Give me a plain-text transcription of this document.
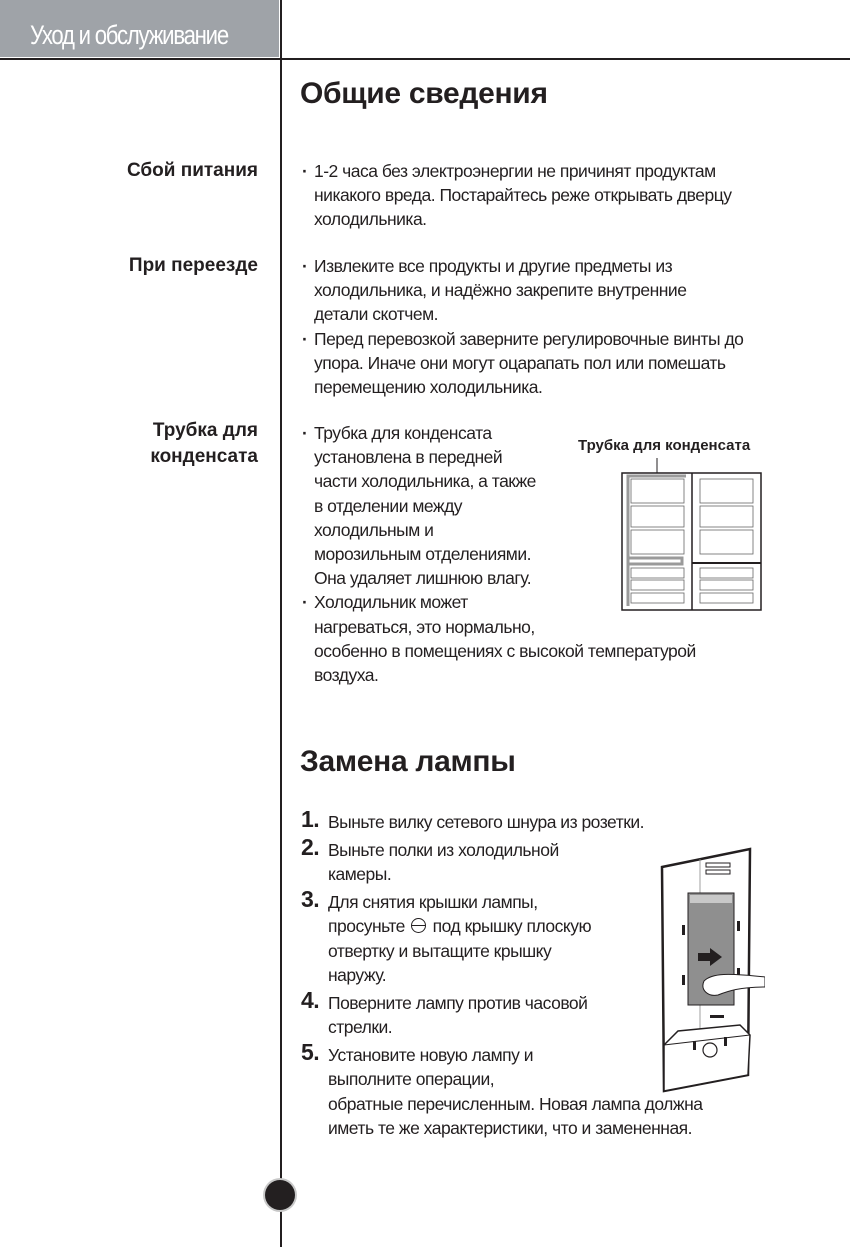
Уход и обслуживание
Общие сведения
Сбой питания	· 1-2 часа без электроэнергии не причинят продуктам никакого вреда. Постарайтесь реже открывать дверцу холодильника.
При переезде	· Извлеките все продукты и другие предметы из холодильника, и надёжно закрепите внутренние детали скотчем.
· Перед перевозкой заверните регулировочные винты до упора. Иначе они могут оцарапать пол или помешать перемещению холодильника.
Трубка для
конденсата
· Трубка для конденсата
установлена в передней
части холодильника, а также
в отделении между
холодильным и
морозильным отделениями.
Она удаляет лишнюю влагу.
· Холодильник может
нагреваться, это нормально,
особенно в помещениях с высокой температурой
воздуха.
Трубка для конденсата
Замена лампы
1. Выньте вилку сетевого шнура из розетки.
2. Выньте полки из холодильной
камеры.
3. Для снятия крышки лампы,
просуньте под крышку плоскую
отвертку и вытащите крышку
наружу.
4. Поверните лампу против часовой
стрелки.
5. Установите новую лампу и
выполните операции,
обратные перечисленным. Новая лампа должна
иметь те же характеристики, что и замененная.
